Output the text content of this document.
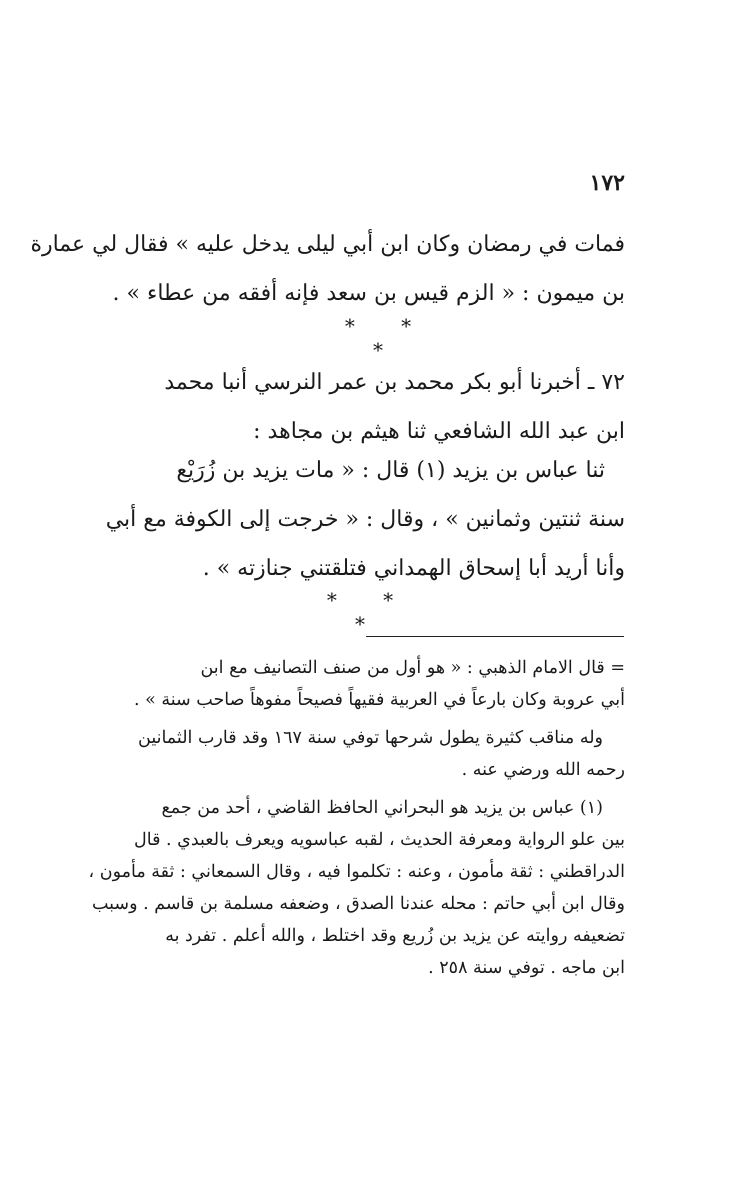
١٧٢
فمات في رمضان وكان ابن أبي ليلى يدخل عليه » فقال لي عمارة
بن ميمون : « الزم قيس بن سعد فإنه أفقه من عطاء » .
* * *
٧٢ ـ أخبرنا أبو بكر محمد بن عمر النرسي أنبا محمد
ابن عبد الله الشافعي ثنا هيثم بن مجاهد :
ثنا عباس بن يزيد (١) قال : « مات يزيد بن زُرَيْع
سنة ثنتين وثمانين » ، وقال : « خرجت إلى الكوفة مع أبي
وأنا أريد أبا إسحاق الهمداني فتلقتني جنازته » .
* * *
= قال الامام الذهبي : « هو أول من صنف التصانيف مع ابن
أبي عروبة وكان بارعاً في العربية فقيهاً فصيحاً مفوهاً صاحب سنة » .
وله مناقب كثيرة يطول شرحها توفي سنة ١٦٧ وقد قارب الثمانين
رحمه الله ورضي عنه .
(١) عباس بن يزيد هو البحراني الحافظ القاضي ، أحد من جمع
بين علو الرواية ومعرفة الحديث ، لقبه عباسويه ويعرف بالعبدي . قال
الدراقطني : ثقة مأمون ، وعنه : تكلموا فيه ، وقال السمعاني : ثقة مأمون ،
وقال ابن أبي حاتم : محله عندنا الصدق ، وضعفه مسلمة بن قاسم . وسبب
تضعيفه روايته عن يزيد بن زُريع وقد اختلط ، والله أعلم . تفرد به
ابن ماجه . توفي سنة ٢٥٨ .
